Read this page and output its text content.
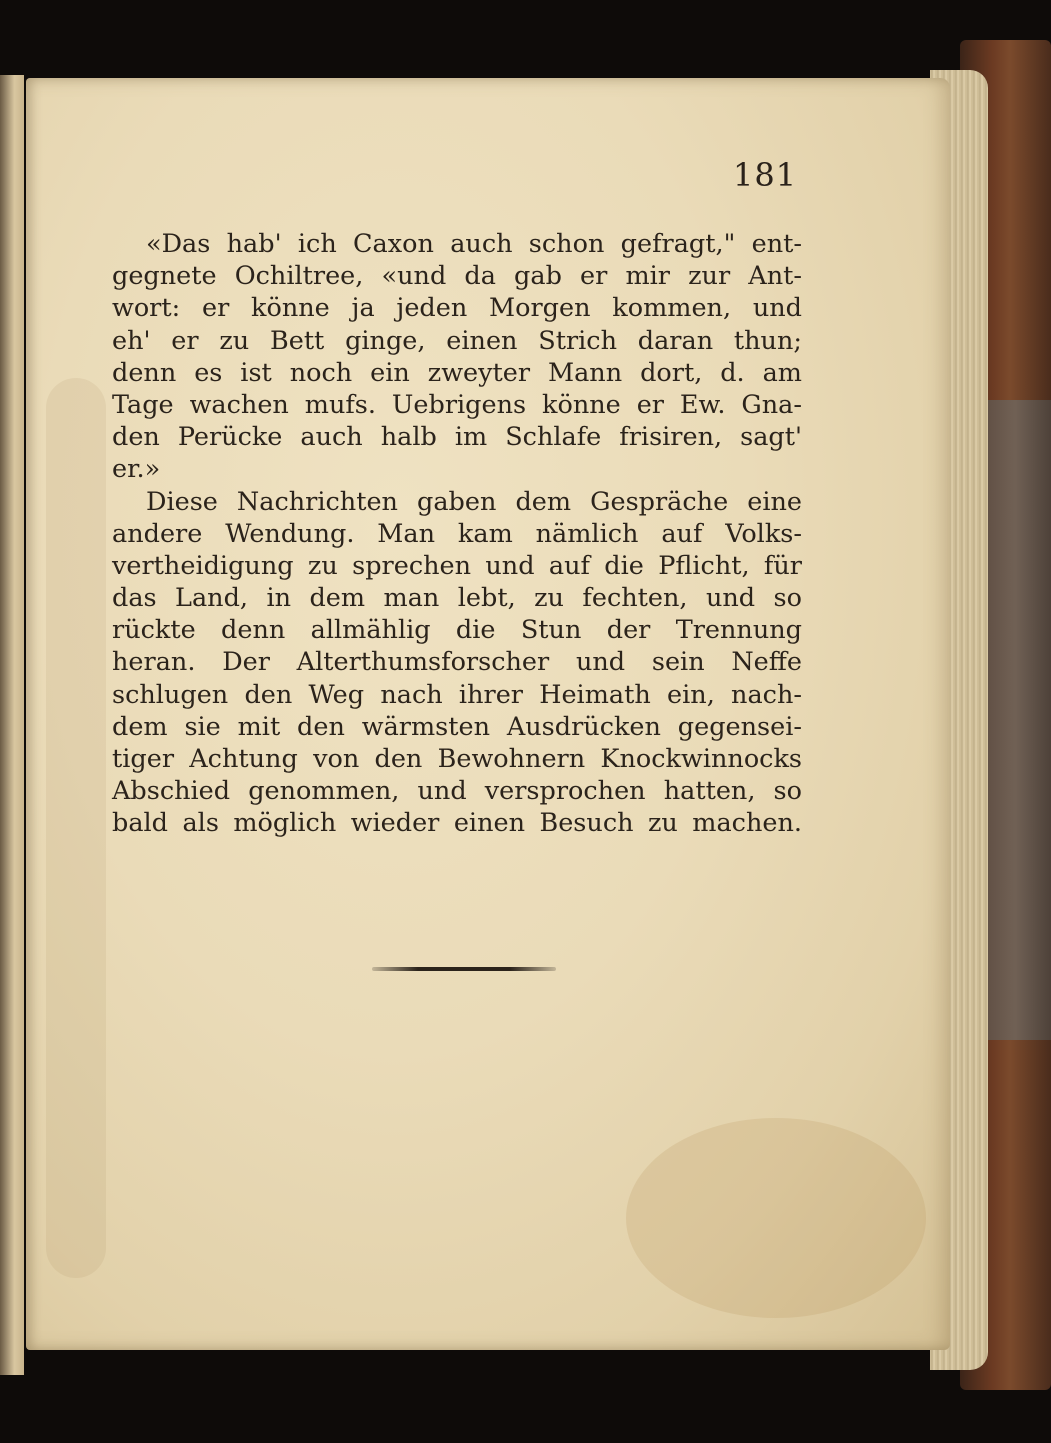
181
«Das hab' ich Caxon auch schon gefragt," ent-
gegnete Ochiltree, «und da gab er mir zur Ant-
wort: er könne ja jeden Morgen kommen, und
eh' er zu Bett ginge, einen Strich daran thun;
denn es ist noch ein zweyter Mann dort, d. am
Tage wachen mufs. Uebrigens könne er Ew. Gna-
den Perücke auch halb im Schlafe frisiren, sagt'
er.»
Diese Nachrichten gaben dem Gespräche eine
andere Wendung. Man kam nämlich auf Volks-
vertheidigung zu sprechen und auf die Pflicht, für
das Land, in dem man lebt, zu fechten, und so
rückte denn allmählig die Stun der Trennung
heran. Der Alterthumsforscher und sein Neffe
schlugen den Weg nach ihrer Heimath ein, nach-
dem sie mit den wärmsten Ausdrücken gegensei-
tiger Achtung von den Bewohnern Knockwinnocks
Abschied genommen, und versprochen hatten, so
bald als möglich wieder einen Besuch zu machen.
